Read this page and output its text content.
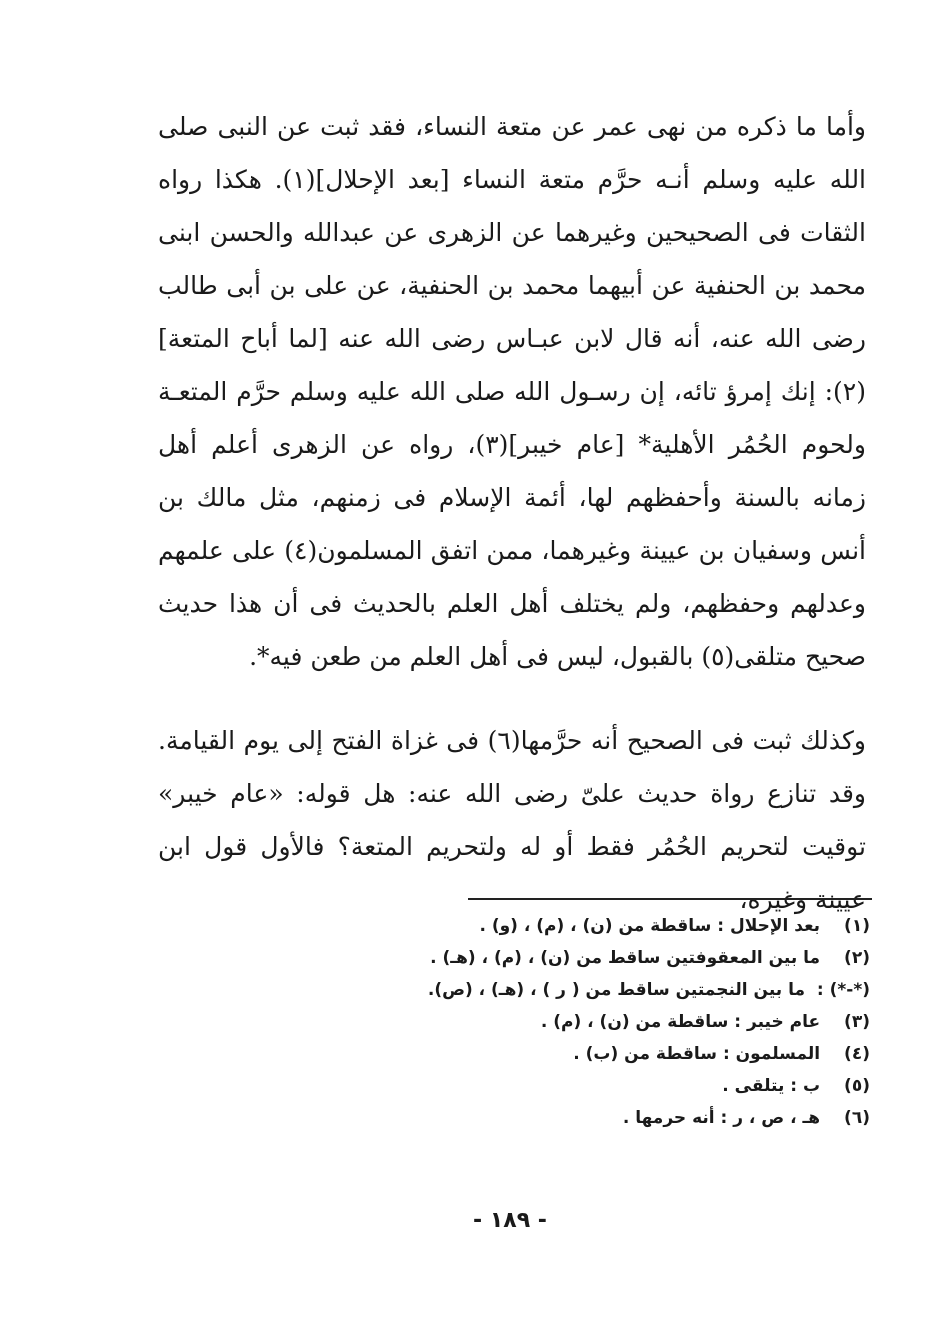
وأما ما ذكره من نهى عمر عن متعة النساء، فقد ثبت عن النبى صلى الله عليه وسلم أنـه حرَّم متعة النساء [بعد الإحلال](١). هكذا رواه الثقات فى الصحيحين وغيرهما عن الزهرى عن عبدالله والحسن ابنى محمد بن الحنفية عن أبيهما محمد بن الحنفية، عن على بن أبى طالب رضى الله عنه، أنه قال لابن عبـاس رضى الله عنه [لما أباح المتعة](٢): إنك إمرؤ تائه، إن رسـول الله صلى الله عليه وسلم حرَّم المتعـة ولحوم الحُمُر الأهلية* [عام خيبر](٣)، رواه عن الزهرى أعلم أهل زمانه بالسنة وأحفظهم لها، أئمة الإسلام فى زمنهم، مثل مالك بن أنس وسفيان بن عيينة وغيرهما، ممن اتفق المسلمون(٤) على علمهم وعدلهم وحفظهم، ولم يختلف أهل العلم بالحديث فى أن هذا حديث صحيح متلقى(٥) بالقبول، ليس فى أهل العلم من طعن فيه*.

وكذلك ثبت فى الصحيح أنه حرَّمها(٦) فى غزاة الفتح إلى يوم القيامة. وقد تنازع رواة حديث علىّ رضى الله عنه: هل قوله: «عام خيبر» توقيت لتحريم الحُمُر فقط أو له ولتحريم المتعة؟ فالأول قول ابن عيينة وغيره،

(١) بعد الإحلال : ساقطة من (ن) ، (م) ، (و) .
(٢) ما بين المعقوفتين ساقط من (ن) ، (م) ، (هـ) .
(*-*) : ما بين النجمتين ساقط من ( ر ) ، (هـ) ، (ص).
(٣) عام خيبر : ساقطة من (ن) ، (م) .
(٤) المسلمون : ساقطة من (ب) .
(٥) ب : يتلقى .
(٦) هـ ، ص ، ر : أنه حرمها .
- ١٨٩ -
